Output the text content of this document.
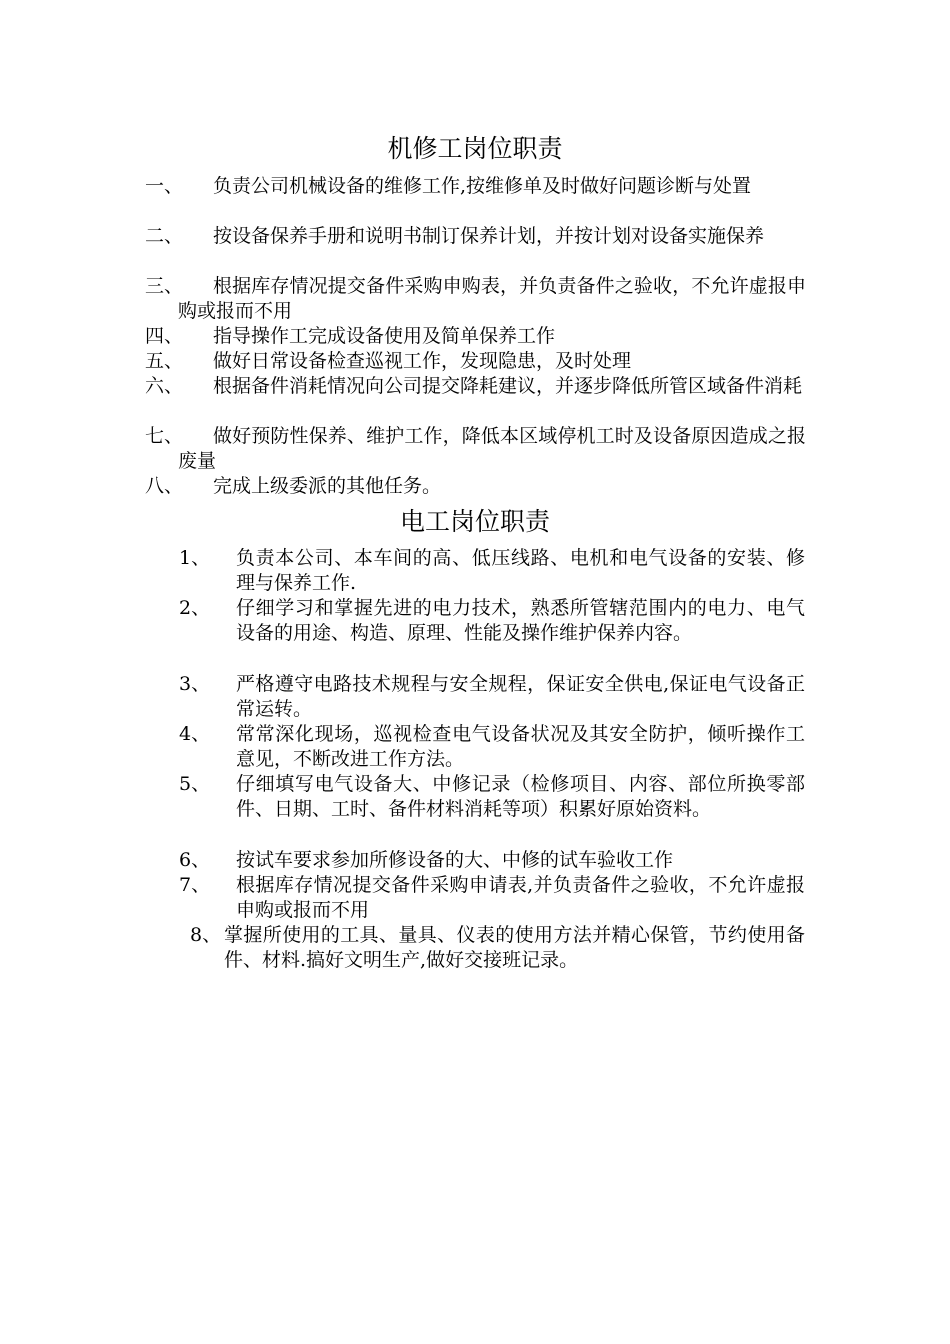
机修工岗位职责
一、	负责公司机械设备的维修工作,按维修单及时做好问题诊断与处置
二、	按设备保养手册和说明书制订保养计划，并按计划对设备实施保养
三、	根据库存情况提交备件采购申购表，并负责备件之验收，不允许虚报申购或报而不用
四、	指导操作工完成设备使用及简单保养工作
五、	做好日常设备检查巡视工作，发现隐患，及时处理
六、	根据备件消耗情况向公司提交降耗建议，并逐步降低所管区域备件消耗
七、	做好预防性保养、维护工作，降低本区域停机工时及设备原因造成之报废量
八、	完成上级委派的其他任务。
电工岗位职责
1、 负责本公司、本车间的高、低压线路、电机和电气设备的安装、修理与保养工作.
2、 仔细学习和掌握先进的电力技术，熟悉所管辖范围内的电力、电气设备的用途、构造、原理、性能及操作维护保养内容。
3、 严格遵守电路技术规程与安全规程，保证安全供电,保证电气设备正常运转。
4、 常常深化现场，巡视检查电气设备状况及其安全防护，倾听操作工意见，不断改进工作方法。
5、 仔细填写电气设备大、中修记录（检修项目、内容、部位所换零部件、日期、工时、备件材料消耗等项）积累好原始资料。
6、 按试车要求参加所修设备的大、中修的试车验收工作
7、 根据库存情况提交备件采购申请表,并负责备件之验收，不允许虚报申购或报而不用
8、 掌握所使用的工具、量具、仪表的使用方法并精心保管，节约使用备件、材料.搞好文明生产,做好交接班记录。
